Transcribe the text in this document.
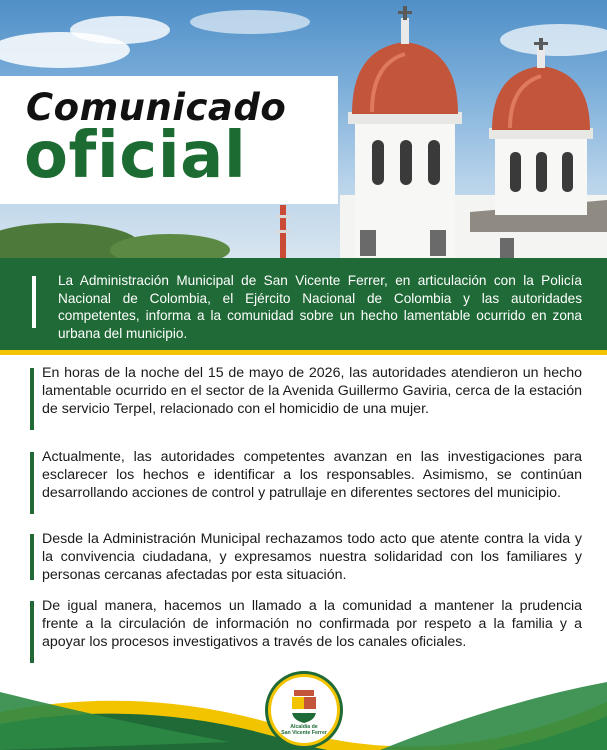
Comunicado
oficial
La Administración Municipal de San Vicente Ferrer, en articulación con la Policía Nacional de Colombia, el Ejército Nacional de Colombia y las autoridades competentes, informa a la comunidad sobre un hecho lamentable ocurrido en zona urbana del municipio.

En horas de la noche del 15 de mayo de 2026, las autoridades atendieron un hecho lamentable ocurrido en el sector de la Avenida Guillermo Gaviria, cerca de la estación de servicio Terpel, relacionado con el homicidio de una mujer.

Actualmente, las autoridades competentes avanzan en las investigaciones para esclarecer los hechos e identificar a los responsables. Asimismo, se continúan desarrollando acciones de control y patrullaje en diferentes sectores del municipio.

Desde la Administración Municipal rechazamos todo acto que atente contra la vida y la convivencia ciudadana, y expresamos nuestra solidaridad con los familiares y personas cercanas afectadas por esta situación.

De igual manera, hacemos un llamado a la comunidad a mantener la prudencia frente a la circulación de información no confirmada por respeto a la familia y a apoyar los procesos investigativos a través de los canales oficiales.

Alcaldía de
San Vicente Ferrer
